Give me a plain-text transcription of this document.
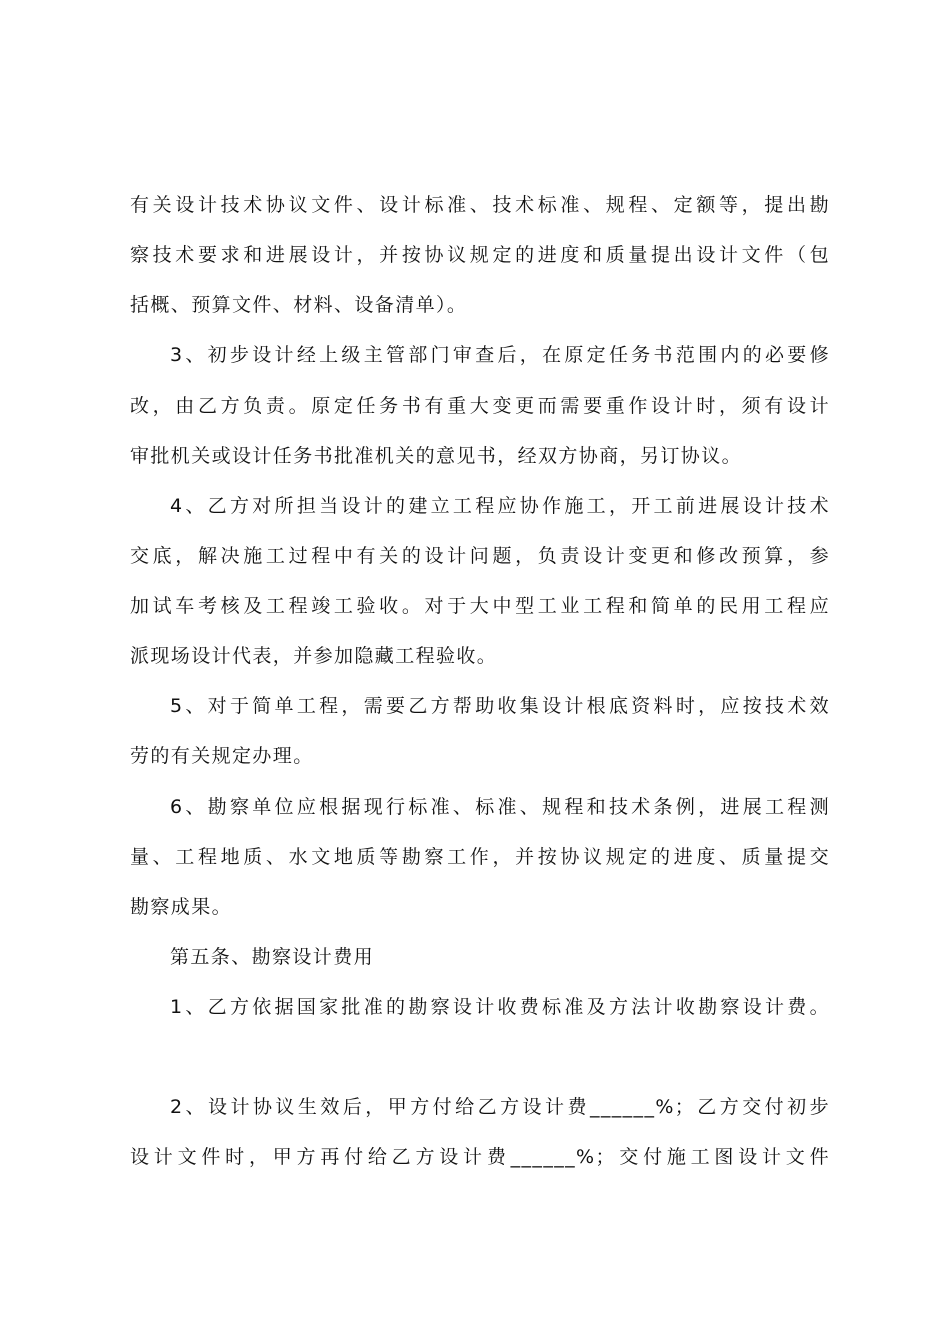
有关设计技术协议文件、设计标准、技术标准、规程、定额等，提出勘
察技术要求和进展设计，并按协议规定的进度和质量提出设计文件（包
括概、预算文件、材料、设备清单）。
3、初步设计经上级主管部门审查后，在原定任务书范围内的必要修
改，由乙方负责。原定任务书有重大变更而需要重作设计时，须有设计
审批机关或设计任务书批准机关的意见书，经双方协商，另订协议。
4、乙方对所担当设计的建立工程应协作施工，开工前进展设计技术
交底，解决施工过程中有关的设计问题，负责设计变更和修改预算，参
加试车考核及工程竣工验收。对于大中型工业工程和简单的民用工程应
派现场设计代表，并参加隐藏工程验收。
5、对于简单工程，需要乙方帮助收集设计根底资料时，应按技术效
劳的有关规定办理。
6、勘察单位应根据现行标准、标准、规程和技术条例，进展工程测
量、工程地质、水文地质等勘察工作，并按协议规定的进度、质量提交
勘察成果。
第五条、勘察设计费用
1、乙方依据国家批准的勘察设计收费标准及方法计收勘察设计费。
2、设计协议生效后，甲方付给乙方设计费______%；乙方交付初步
设计文件时，甲方再付给乙方设计费______%；交付施工图设计文件
